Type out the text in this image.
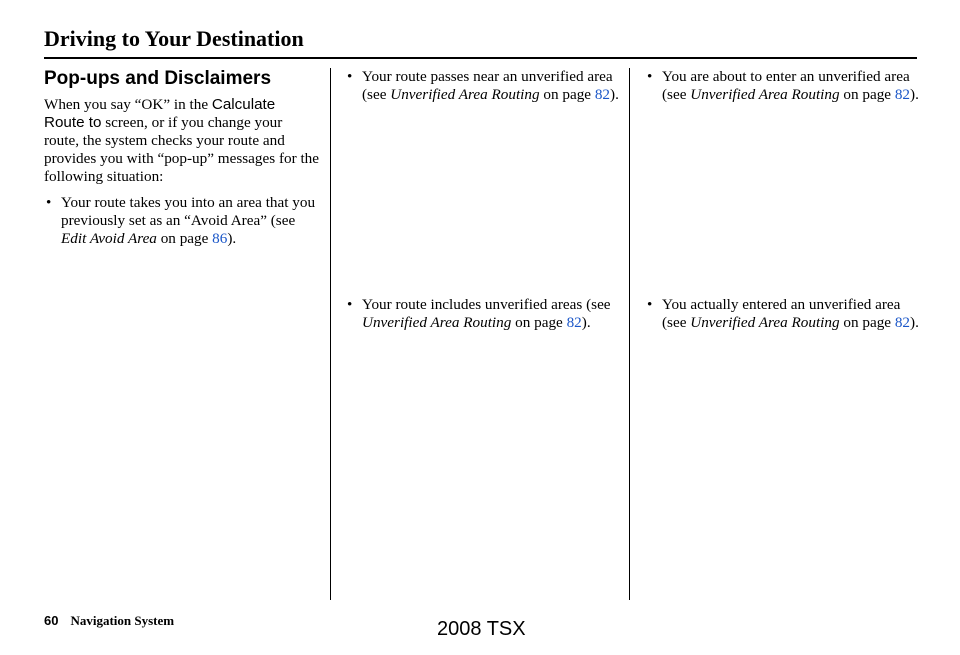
Driving to Your Destination
Pop-ups and Disclaimers

When you say “OK” in the Calculate Route to screen, or if you change your route, the system checks your route and provides you with “pop-up” messages for the following situation:

• Your route takes you into an area that you previously set as an “Avoid Area” (see Edit Avoid Area on page 86).

• Your route passes near an unverified area (see Unverified Area Routing on page 82).

• Your route includes unverified areas (see Unverified Area Routing on page 82).

• You are about to enter an unverified area (see Unverified Area Routing on page 82).

• You actually entered an unverified area (see Unverified Area Routing on page 82).

60 Navigation System	2008 TSX
